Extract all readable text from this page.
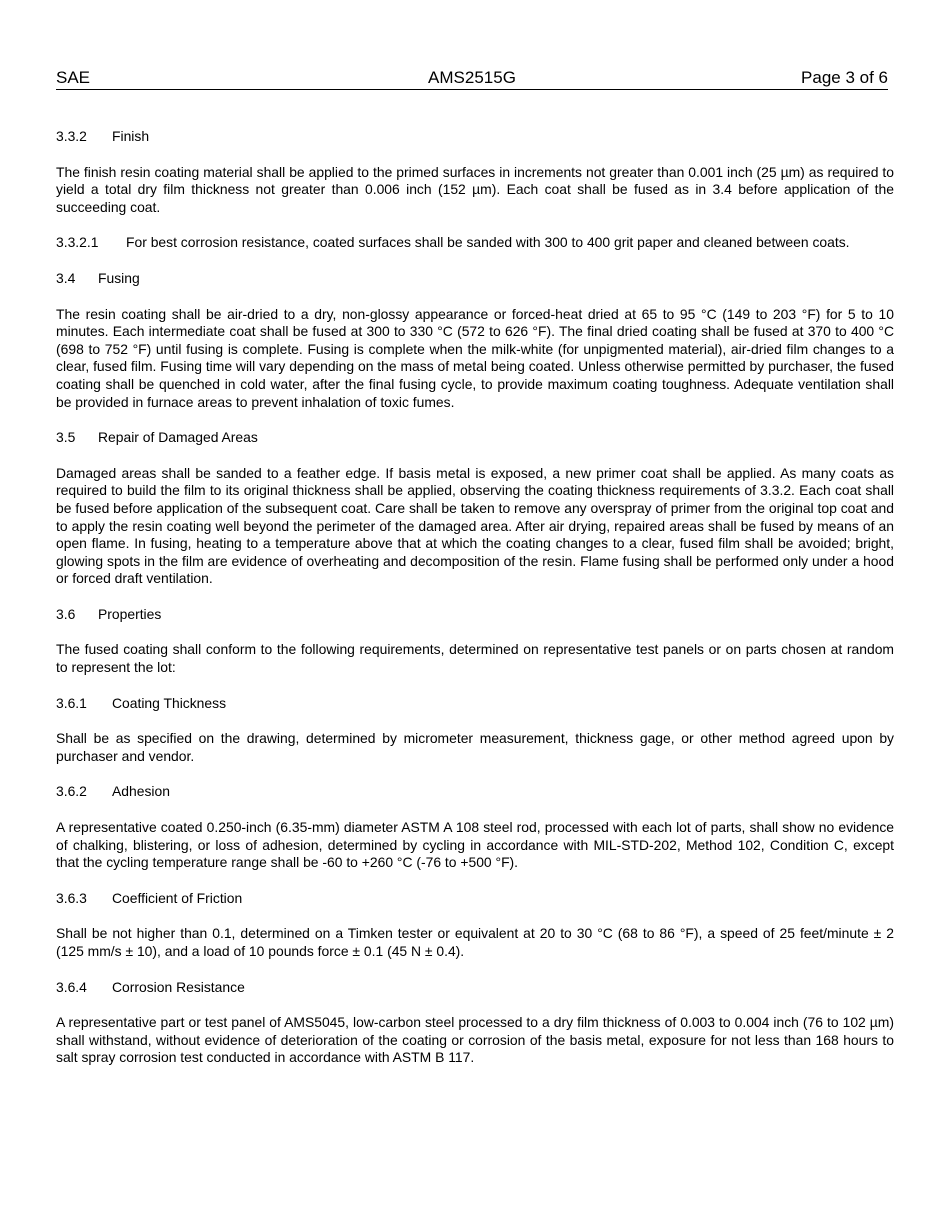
SAE	AMS2515G	Page 3 of 6
3.3.2 Finish

The finish resin coating material shall be applied to the primed surfaces in increments not greater than 0.001 inch (25 µm) as required to yield a total dry film thickness not greater than 0.006 inch (152 µm). Each coat shall be fused as in 3.4 before application of the succeeding coat.

3.3.2.1	For best corrosion resistance, coated surfaces shall be sanded with 300 to 400 grit paper and cleaned between coats.
3.4 Fusing

The resin coating shall be air-dried to a dry, non-glossy appearance or forced-heat dried at 65 to 95 °C (149 to 203 °F) for 5 to 10 minutes. Each intermediate coat shall be fused at 300 to 330 °C (572 to 626 °F). The final dried coating shall be fused at 370 to 400 °C (698 to 752 °F) until fusing is complete. Fusing is complete when the milk-white (for unpigmented material), air-dried film changes to a clear, fused film. Fusing time will vary depending on the mass of metal being coated. Unless otherwise permitted by purchaser, the fused coating shall be quenched in cold water, after the final fusing cycle, to provide maximum coating toughness. Adequate ventilation shall be provided in furnace areas to prevent inhalation of toxic fumes.

3.5 Repair of Damaged Areas

Damaged areas shall be sanded to a feather edge. If basis metal is exposed, a new primer coat shall be applied. As many coats as required to build the film to its original thickness shall be applied, observing the coating thickness requirements of 3.3.2. Each coat shall be fused before application of the subsequent coat. Care shall be taken to remove any overspray of primer from the original top coat and to apply the resin coating well beyond the perimeter of the damaged area. After air drying, repaired areas shall be fused by means of an open flame. In fusing, heating to a temperature above that at which the coating changes to a clear, fused film shall be avoided; bright, glowing spots in the film are evidence of overheating and decomposition of the resin. Flame fusing shall be performed only under a hood or forced draft ventilation.

3.6 Properties

The fused coating shall conform to the following requirements, determined on representative test panels or on parts chosen at random to represent the lot:

3.6.1 Coating Thickness

Shall be as specified on the drawing, determined by micrometer measurement, thickness gage, or other method agreed upon by purchaser and vendor.

3.6.2 Adhesion

A representative coated 0.250-inch (6.35-mm) diameter ASTM A 108 steel rod, processed with each lot of parts, shall show no evidence of chalking, blistering, or loss of adhesion, determined by cycling in accordance with MIL-STD-202, Method 102, Condition C, except that the cycling temperature range shall be -60 to +260 °C (-76 to +500 °F).

3.6.3 Coefficient of Friction

Shall be not higher than 0.1, determined on a Timken tester or equivalent at 20 to 30 °C (68 to 86 °F), a speed of 25 feet/minute ± 2 (125 mm/s ± 10), and a load of 10 pounds force ± 0.1 (45 N ± 0.4).

3.6.4 Corrosion Resistance

A representative part or test panel of AMS5045, low-carbon steel processed to a dry film thickness of 0.003 to 0.004 inch (76 to 102 µm) shall withstand, without evidence of deterioration of the coating or corrosion of the basis metal, exposure for not less than 168 hours to salt spray corrosion test conducted in accordance with ASTM B 117.
